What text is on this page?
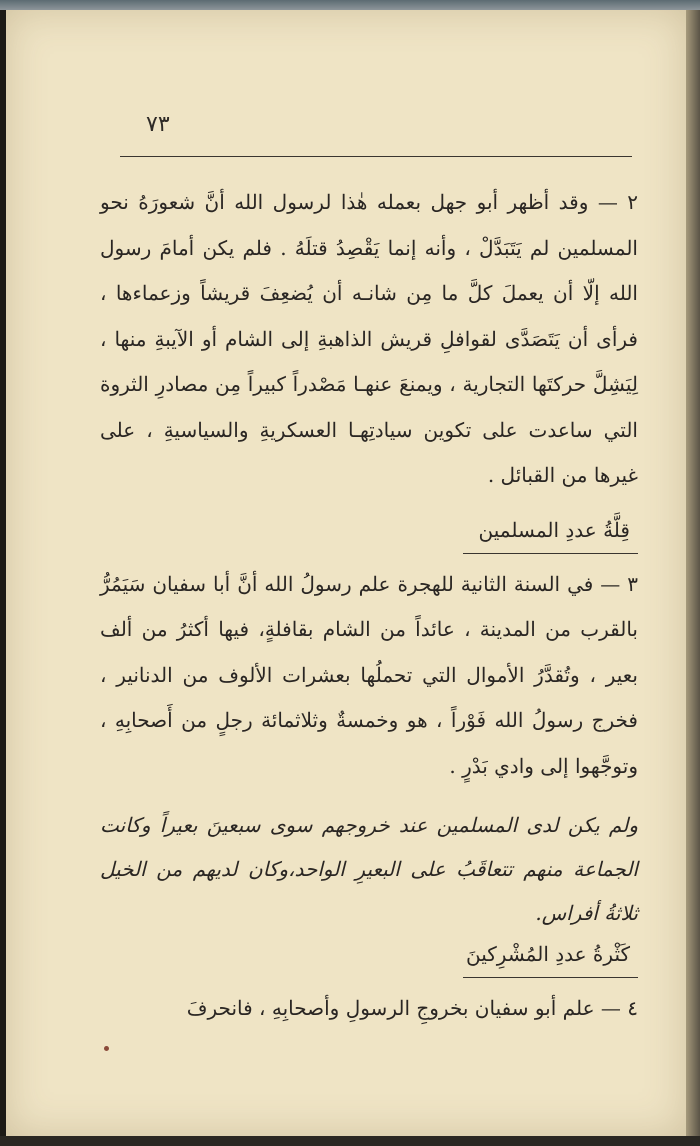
٧٣

٢ — وقد أظهر أبو جهل بعمله هٰذا لرسول الله أنَّ شعورَهُ نحو المسلمين لم يَتَبَدَّلْ ، وأنه إنما يَقْصِدُ قتلَهُ . فلم يكن أمامَ رسول الله إلّا أن يعملَ كلَّ ما مِن شانـه أن يُضعِفَ قريشاً وزعماءها ، فرأى أن يَتَصَدَّى لقوافلِ قريش الذاهبةِ إلى الشام أو الآيبةِ منها ، لِيَشِلَّ حركتَها التجارية ، ويمنعَ عنهـا مَصْدراً كبيراً مِن مصادرِ الثروة التي ساعدت على تكوين سيادتِهـا العسكريةِ والسياسيةِ ، على غيرها من القبائل .

قِلَّةُ عددِ المسلمين

٣ — في السنة الثانية للهجرة علم رسولُ الله أنَّ أبا سفيان سَيَمُرُّ بالقرب من المدينة ، عائداً من الشام بقافلةٍ، فيها أكثرُ من ألف بعير ، وتُقدَّرُ الأموال التي تحملُها بعشرات الألوف من الدنانير ، فخرج رسولُ الله فَوْراً ، هو وخمسةٌ وثلاثمائة رجلٍ من أَصحابِهِ ، وتوجَّهوا إلى وادي بَدْرٍ .

ولم يكن لدى المسلمين عند خروجهم سوى سبعينَ بعيراً وكانت الجماعة منهم تتعاقَبُ على البعيرِ الواحد،وكان لديهم من الخيل ثلاثةُ أفراس.

كَثْرةُ عددِ المُشْرِكينَ

٤ — علم أبو سفيان بخروجِ الرسولِ وأصحابِهِ ، فانحرفَ
